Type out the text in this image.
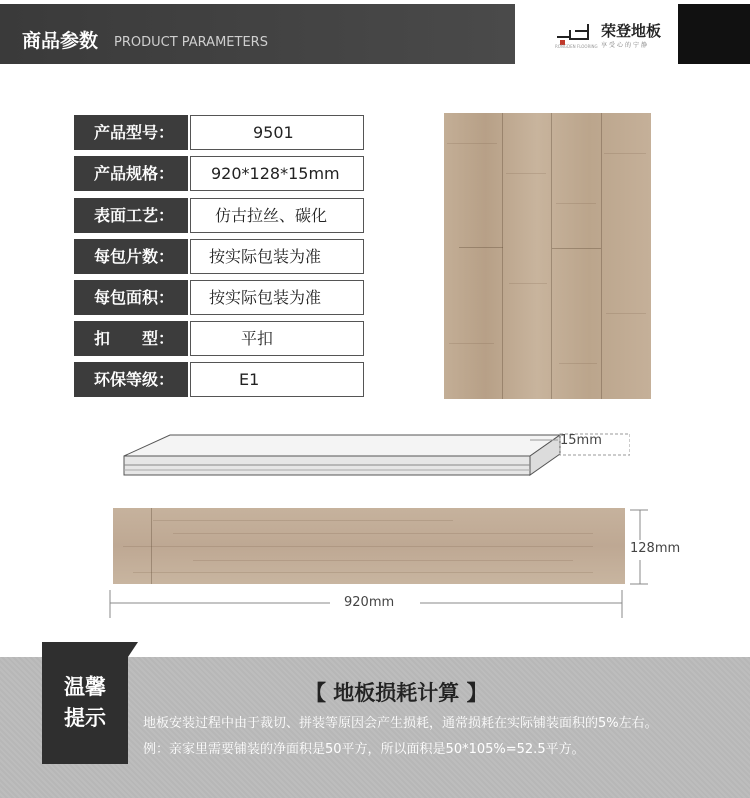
商品参数 PRODUCT PARAMETERS	RONGDEN FLOORING
荣登地板
享受心的宁静
产品型号：	9501
产品规格：	920*128*15mm
表面工艺：	仿古拉丝、碳化
每包片数：	按实际包装为准
每包面积：	按实际包装为准
扣　　型：	平扣
环保等级：	E1
15mm
128mm
920mm
温馨
提示
【 地板损耗计算 】
地板安装过程中由于裁切、拼装等原因会产生损耗，通常损耗在实际铺装面积的5%左右。
例：亲家里需要铺装的净面积是50平方，所以面积是50*105%=52.5平方。
